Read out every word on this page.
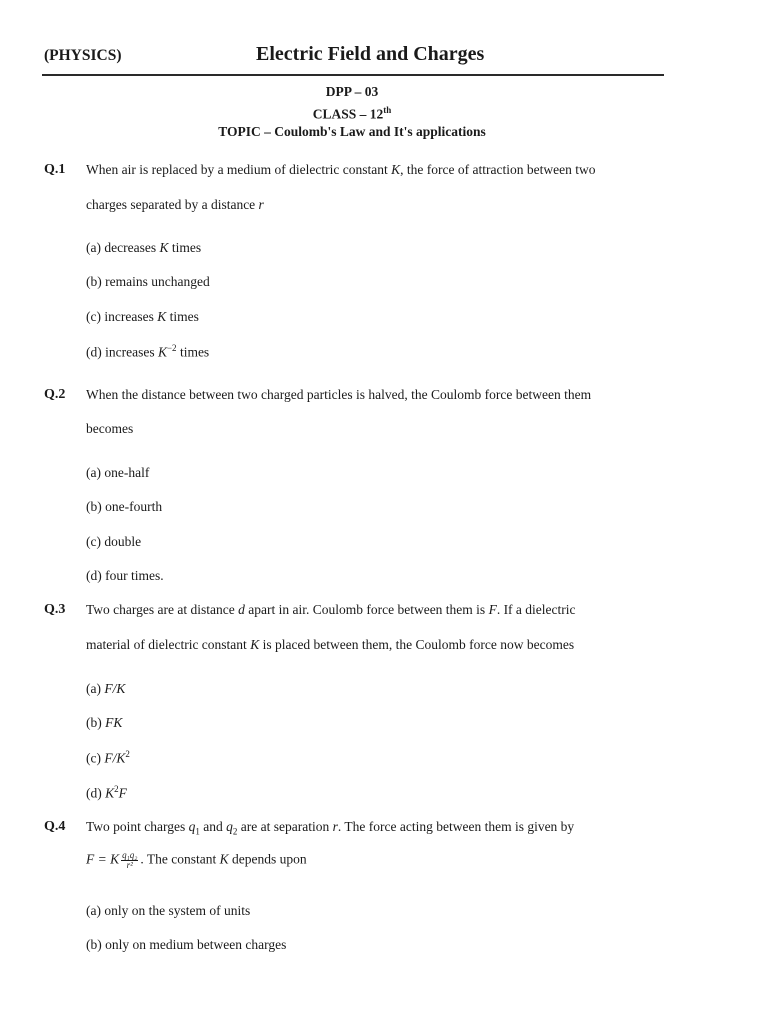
(PHYSICS)	Electric Field and Charges
DPP – 03
CLASS – 12th
TOPIC – Coulomb's Law and It's applications
Q.1 When air is replaced by a medium of dielectric constant K, the force of attraction between two
charges separated by a distance r
(a) decreases K times
(b) remains unchanged
(c) increases K times
(d) increases $K^{-2}$ times
Q.2 When the distance between two charged particles is halved, the Coulomb force between them
becomes
(a) one-half
(b) one-fourth
(c) double
(d) four times.
Q.3 Two charges are at distance d apart in air. Coulomb force between them is F. If a dielectric
material of dielectric constant K is placed between them, the Coulomb force now becomes
(a) F/K
(b) FK
(c) $F/K^2$
(d) $K^2F$
Q.4 Two point charges $q_1$ and $q_2$ are at separation r. The force acting between them is given by
F = K $\frac{\text{q₁q₂}}{\text{r²}}$ . The constant K depends upon
(a) only on the system of units
(b) only on medium between charges
